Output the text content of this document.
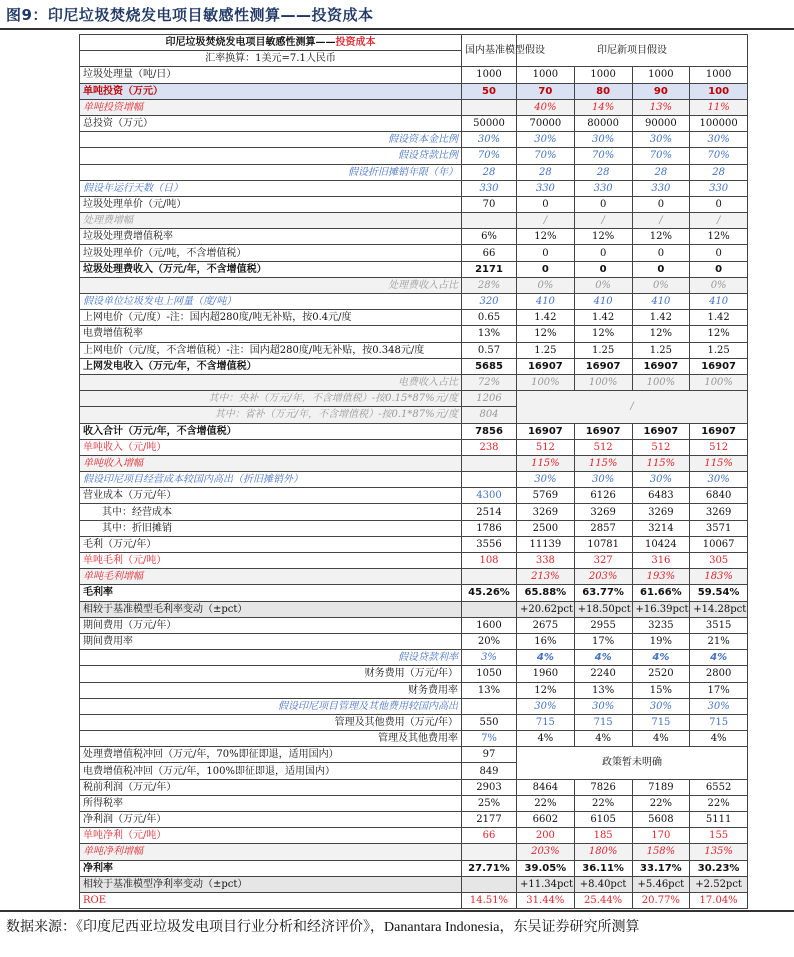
图9：印尼垃圾焚烧发电项目敏感性测算——投资成本
印尼垃圾焚烧发电项目敏感性测算——投资成本	国内基准模型假设	印尼新项目假设			
汇率换算：1美元=7.1人民币					
垃圾处理量（吨/日）	1000	1000	1000	1000	1000
单吨投资（万元）	50	70	80	90	100
单吨投资增幅		40%	14%	13%	11%
总投资（万元）	50000	70000	80000	90000	100000
假设资本金比例	30%	30%	30%	30%	30%
假设贷款比例	70%	70%	70%	70%	70%
假设折旧摊销年限（年）	28	28	28	28	28
假设年运行天数（日）	330	330	330	330	330
垃圾处理单价（元/吨）	70	0	0	0	0
处理费增幅		/	/	/	/
垃圾处理费增值税率	6%	12%	12%	12%	12%
垃圾处理单价（元/吨，不含增值税）	66	0	0	0	0
垃圾处理费收入（万元/年，不含增值税）	2171	0	0	0	0
处理费收入占比	28%	0%	0%	0%	0%
假设单位垃圾发电上网量（度/吨）	320	410	410	410	410
上网电价（元/度）-注：国内超280度/吨无补贴，按0.4元/度	0.65	1.42	1.42	1.42	1.42
电费增值税率	13%	12%	12%	12%	12%
上网电价（元/度，不含增值税）-注：国内超280度/吨无补贴，按0.348元/度	0.57	1.25	1.25	1.25	1.25
上网发电收入（万元/年，不含增值税）	5685	16907	16907	16907	16907
电费收入占比	72%	100%	100%	100%	100%
其中：央补（万元/年，不含增值税）-按0.15*87%元/度	1206	/			
其中：省补（万元/年，不含增值税）-按0.1*87%元/度	804				
收入合计（万元/年，不含增值税）	7856	16907	16907	16907	16907
单吨收入（元/吨）	238	512	512	512	512
单吨收入增幅		115%	115%	115%	115%
假设印尼项目经营成本较国内高出（折旧摊销外）		30%	30%	30%	30%
营业成本（万元/年）	4300	5769	6126	6483	6840
其中：经营成本	2514	3269	3269	3269	3269
其中：折旧摊销	1786	2500	2857	3214	3571
毛利（万元/年）	3556	11139	10781	10424	10067
单吨毛利（元/吨）	108	338	327	316	305
单吨毛利增幅		213%	203%	193%	183%
毛利率	45.26%	65.88%	63.77%	61.66%	59.54%
相较于基准模型毛利率变动（±pct）		+20.62pct	+18.50pct	+16.39pct	+14.28pct
期间费用（万元/年）	1600	2675	2955	3235	3515
期间费用率	20%	16%	17%	19%	21%
假设贷款利率	3%	4%	4%	4%	4%
财务费用（万元/年）	1050	1960	2240	2520	2800
财务费用率	13%	12%	13%	15%	17%
假设印尼项目管理及其他费用较国内高出		30%	30%	30%	30%
管理及其他费用（万元/年）	550	715	715	715	715
管理及其他费用率	7%	4%	4%	4%	4%
处理费增值税冲回（万元/年，70%即征即退，适用国内）	97	政策暂未明确			
电费增值税冲回（万元/年，100%即征即退，适用国内）	849				
税前利润（万元/年）	2903	8464	7826	7189	6552
所得税率	25%	22%	22%	22%	22%
净利润（万元/年）	2177	6602	6105	5608	5111
单吨净利（元/吨）	66	200	185	170	155
单吨净利增幅		203%	180%	158%	135%
净利率	27.71%	39.05%	36.11%	33.17%	30.23%
相较于基准模型净利率变动（±pct）		+11.34pct	+8.40pct	+5.46pct	+2.52pct
ROE	14.51%	31.44%	25.44%	20.77%	17.04%
数据来源：《印度尼西亚垃圾发电项目行业分析和经济评价》，Danantara Indonesia，东吴证券研究所测算
